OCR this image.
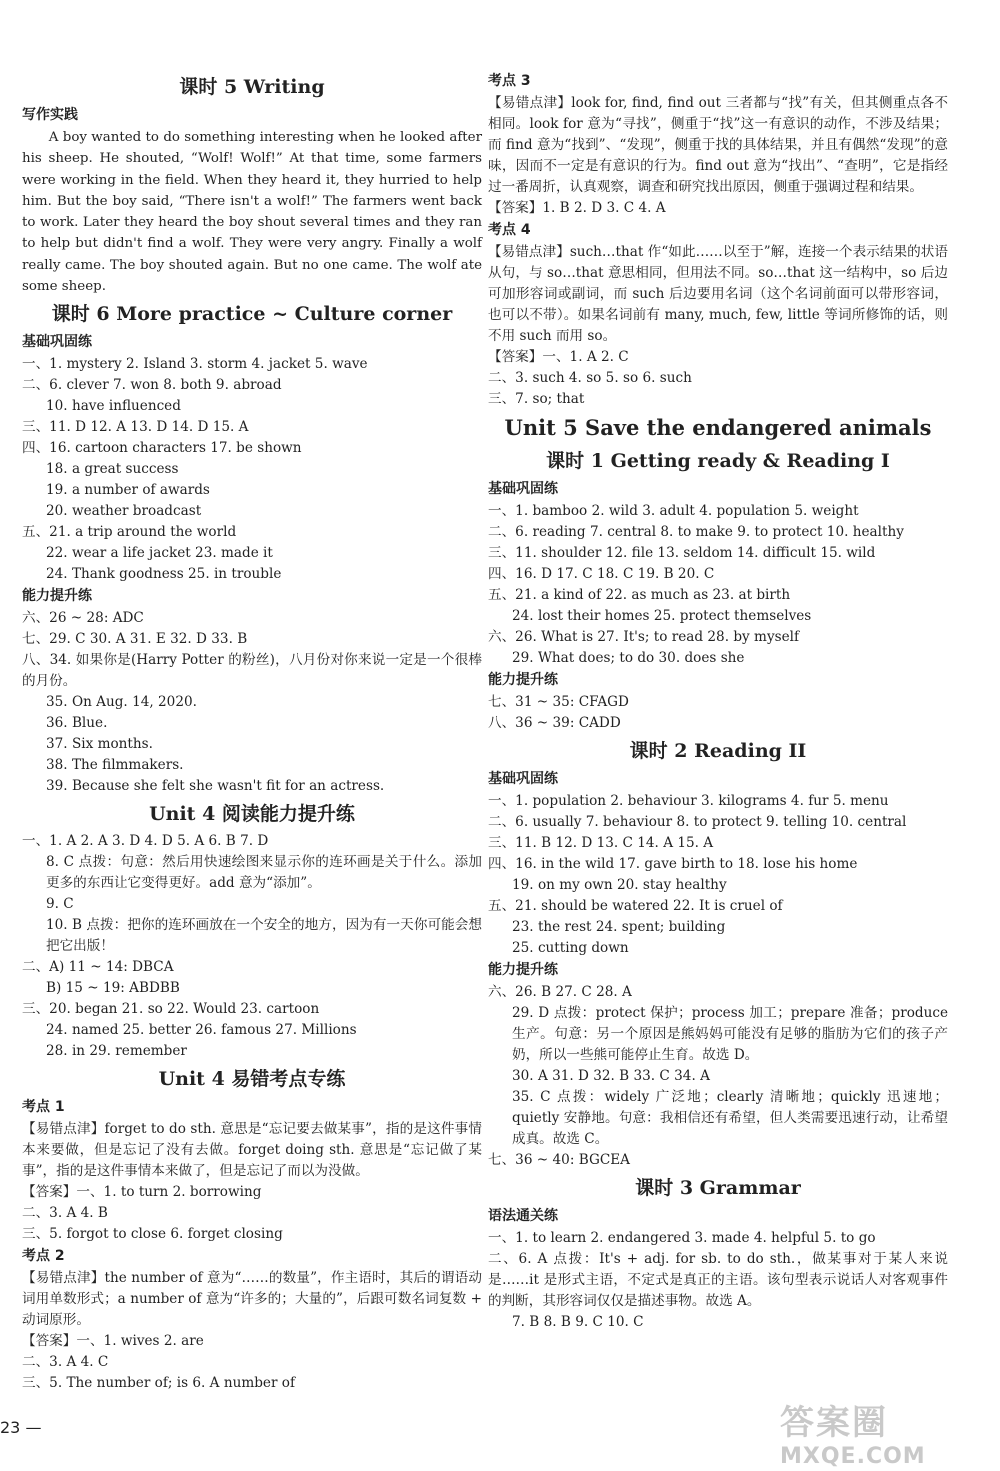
课时 5 Writing
写作实践
A boy wanted to do something interesting when he looked after his sheep. He shouted, “Wolf! Wolf!” At that time, some farmers were working in the field. When they heard it, they hurried to help him. But the boy said, “There isn't a wolf!” The farmers went back to work. Later they heard the boy shout several times and they ran to help but didn't find a wolf. They were very angry. Finally a wolf really came. The boy shouted again. But no one came. The wolf ate some sheep.
课时 6 More practice ~ Culture corner
基础巩固练
一、1. mystery 2. Island 3. storm 4. jacket 5. wave
二、6. clever 7. won 8. both 9. abroad
10. have influenced
三、11. D 12. A 13. D 14. D 15. A
四、16. cartoon characters 17. be shown
18. a great success
19. a number of awards
20. weather broadcast
五、21. a trip around the world
22. wear a life jacket 23. made it
24. Thank goodness 25. in trouble
能力提升练
六、26 ~ 28: ADC
七、29. C 30. A 31. E 32. D 33. B
八、34. 如果你是(Harry Potter 的粉丝)，八月份对你来说一定是一个很棒的月份。
35. On Aug. 14, 2020.
36. Blue.
37. Six months.
38. The filmmakers.
39. Because she felt she wasn't fit for an actress.
Unit 4 阅读能力提升练
一、1. A 2. A 3. D 4. D 5. A 6. B 7. D
8. C 点拨：句意：然后用快速绘图来显示你的连环画是关于什么。添加更多的东西让它变得更好。add 意为“添加”。
9. C
10. B 点拨：把你的连环画放在一个安全的地方，因为有一天你可能会想把它出版！
二、A) 11 ~ 14: DBCA
B) 15 ~ 19: ABDBB
三、20. began 21. so 22. Would 23. cartoon
24. named 25. better 26. famous 27. Millions
28. in 29. remember
Unit 4 易错考点专练
考点 1
【易错点津】forget to do sth. 意思是“忘记要去做某事”，指的是这件事情本来要做，但是忘记了没有去做。forget doing sth. 意思是“忘记做了某事”，指的是这件事情本来做了，但是忘记了而以为没做。
【答案】一、1. to turn 2. borrowing
二、3. A 4. B
三、5. forgot to close 6. forget closing
考点 2
【易错点津】the number of 意为“……的数量”，作主语时，其后的谓语动词用单数形式；a number of 意为“许多的；大量的”，后跟可数名词复数 + 动词原形。
【答案】一、1. wives 2. are
二、3. A 4. C
三、5. The number of; is 6. A number of
考点 3
【易错点津】look for, find, find out 三者都与“找”有关，但其侧重点各不相同。look for 意为“寻找”，侧重于“找”这一有意识的动作，不涉及结果；而 find 意为“找到”、“发现”，侧重于找的具体结果，并且有偶然“发现”的意味，因而不一定是有意识的行为。find out 意为“找出”、“查明”，它是指经过一番周折，认真观察，调查和研究找出原因，侧重于强调过程和结果。
【答案】1. B 2. D 3. C 4. A
考点 4
【易错点津】such…that 作“如此……以至于”解，连接一个表示结果的状语从句，与 so…that 意思相同，但用法不同。so…that 这一结构中，so 后边可加形容词或副词，而 such 后边要用名词（这个名词前面可以带形容词，也可以不带）。如果名词前有 many, much, few, little 等词所修饰的话，则不用 such 而用 so。
【答案】一、1. A 2. C
二、3. such 4. so 5. so 6. such
三、7. so; that
Unit 5 Save the endangered animals
课时 1 Getting ready & Reading I
基础巩固练
一、1. bamboo 2. wild 3. adult 4. population 5. weight
二、6. reading 7. central 8. to make 9. to protect 10. healthy
三、11. shoulder 12. file 13. seldom 14. difficult 15. wild
四、16. D 17. C 18. C 19. B 20. C
五、21. a kind of 22. as much as 23. at birth
24. lost their homes 25. protect themselves
六、26. What is 27. It's; to read 28. by myself
29. What does; to do 30. does she
能力提升练
七、31 ~ 35: CFAGD
八、36 ~ 39: CADD
课时 2 Reading II
基础巩固练
一、1. population 2. behaviour 3. kilograms 4. fur 5. menu
二、6. usually 7. behaviour 8. to protect 9. telling 10. central
三、11. B 12. D 13. C 14. A 15. A
四、16. in the wild 17. gave birth to 18. lose his home
19. on my own 20. stay healthy
五、21. should be watered 22. It is cruel of
23. the rest 24. spent; building
25. cutting down
能力提升练
六、26. B 27. C 28. A
29. D 点拨：protect 保护；process 加工；prepare 准备；produce 生产。句意：另一个原因是熊妈妈可能没有足够的脂肪为它们的孩子产奶，所以一些熊可能停止生育。故选 D。
30. A 31. D 32. B 33. C 34. A
35. C 点拨：widely 广泛地；clearly 清晰地；quickly 迅速地；quietly 安静地。句意：我相信还有希望，但人类需要迅速行动，让希望成真。故选 C。
七、36 ~ 40: BGCEA
课时 3 Grammar
语法通关练
一、1. to learn 2. endangered 3. made 4. helpful 5. to go
二、6. A 点拨：It's + adj. for sb. to do sth.，做某事对于某人来说是……it 是形式主语，不定式是真正的主语。该句型表示说话人对客观事件的判断，其形容词仅仅是描述事物。故选 A。
7. B 8. B 9. C 10. C
23 —	答案圈
MXQE.COM
